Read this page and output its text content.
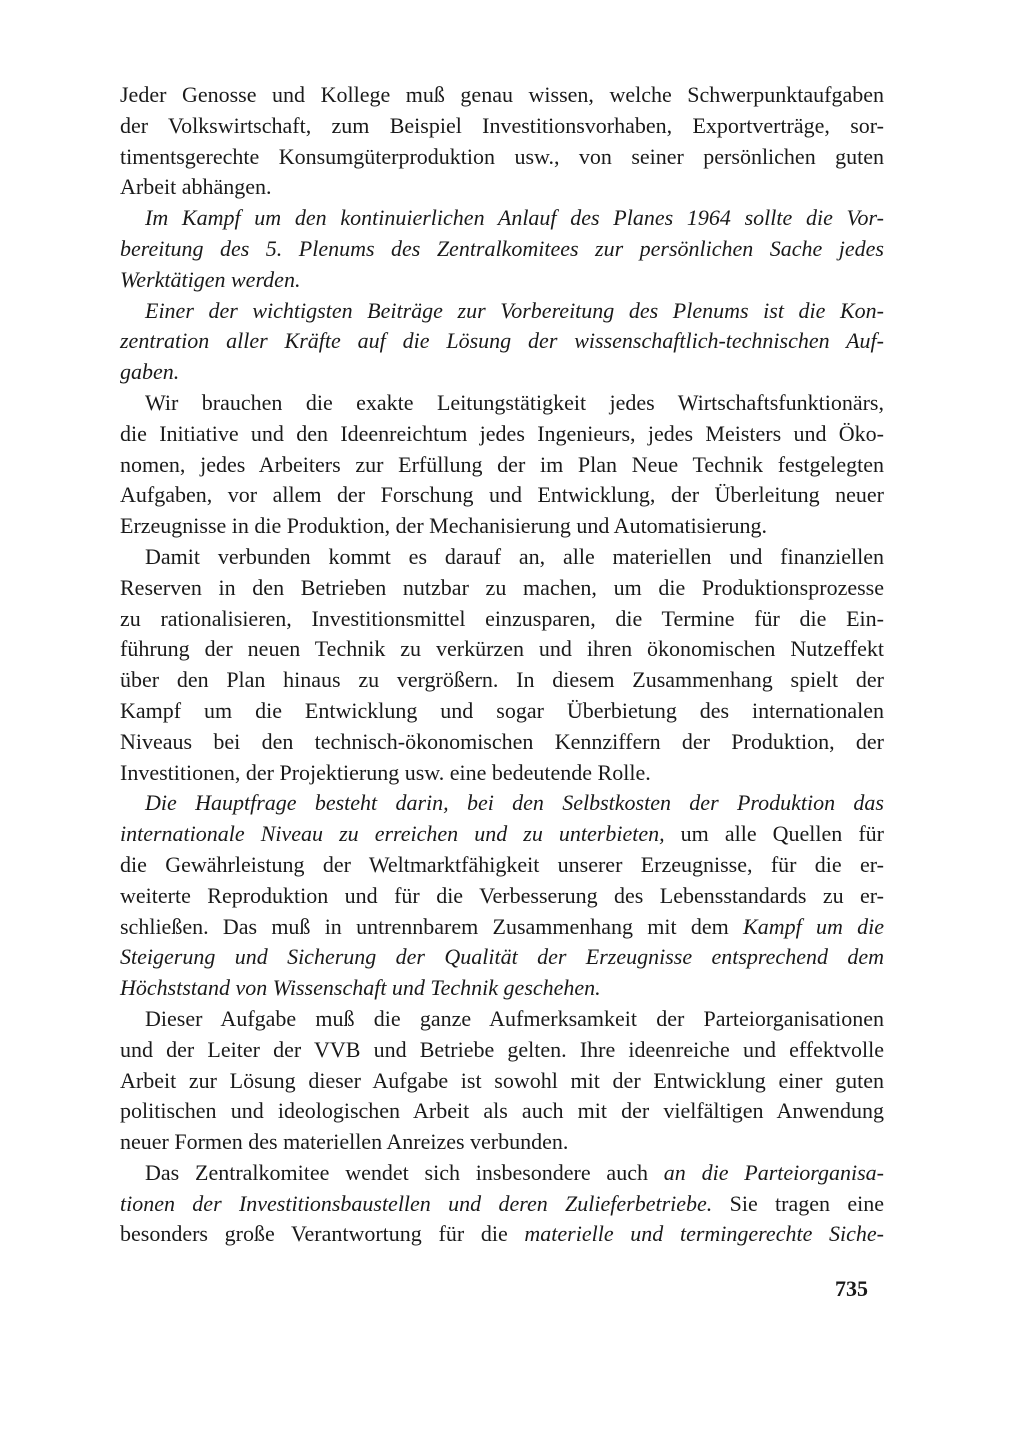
Jeder Genosse und Kollege muß genau wissen, welche Schwerpunktaufgaben
der Volkswirtschaft, zum Beispiel Investitionsvorhaben, Exportverträge, sor-
timentsgerechte Konsumgüterproduktion usw., von seiner persönlichen guten
Arbeit abhängen.
Im Kampf um den kontinuierlichen Anlauf des Planes 1964 sollte die Vor-
bereitung des 5. Plenums des Zentralkomitees zur persönlichen Sache jedes
Werktätigen werden.
Einer der wichtigsten Beiträge zur Vorbereitung des Plenums ist die Kon-
zentration aller Kräfte auf die Lösung der wissenschaftlich-technischen Auf-
gaben.
Wir brauchen die exakte Leitungstätigkeit jedes Wirtschaftsfunktionärs,
die Initiative und den Ideenreichtum jedes Ingenieurs, jedes Meisters und Öko-
nomen, jedes Arbeiters zur Erfüllung der im Plan Neue Technik festgelegten
Aufgaben, vor allem der Forschung und Entwicklung, der Überleitung neuer
Erzeugnisse in die Produktion, der Mechanisierung und Automatisierung.
Damit verbunden kommt es darauf an, alle materiellen und finanziellen
Reserven in den Betrieben nutzbar zu machen, um die Produktionsprozesse
zu rationalisieren, Investitionsmittel einzusparen, die Termine für die Ein-
führung der neuen Technik zu verkürzen und ihren ökonomischen Nutzeffekt
über den Plan hinaus zu vergrößern. In diesem Zusammenhang spielt der
Kampf um die Entwicklung und sogar Überbietung des internationalen
Niveaus bei den technisch-ökonomischen Kennziffern der Produktion, der
Investitionen, der Projektierung usw. eine bedeutende Rolle.
Die Hauptfrage besteht darin, bei den Selbstkosten der Produktion das
internationale Niveau zu erreichen und zu unterbieten, um alle Quellen für
die Gewährleistung der Weltmarktfähigkeit unserer Erzeugnisse, für die er-
weiterte Reproduktion und für die Verbesserung des Lebensstandards zu er-
schließen. Das muß in untrennbarem Zusammenhang mit dem Kampf um die
Steigerung und Sicherung der Qualität der Erzeugnisse entsprechend dem
Höchststand von Wissenschaft und Technik geschehen.
Dieser Aufgabe muß die ganze Aufmerksamkeit der Parteiorganisationen
und der Leiter der VVB und Betriebe gelten. Ihre ideenreiche und effektvolle
Arbeit zur Lösung dieser Aufgabe ist sowohl mit der Entwicklung einer guten
politischen und ideologischen Arbeit als auch mit der vielfältigen Anwendung
neuer Formen des materiellen Anreizes verbunden.
Das Zentralkomitee wendet sich insbesondere auch an die Parteiorganisa-
tionen der Investitionsbaustellen und deren Zulieferbetriebe. Sie tragen eine
besonders große Verantwortung für die materielle und termingerechte Siche-
735
